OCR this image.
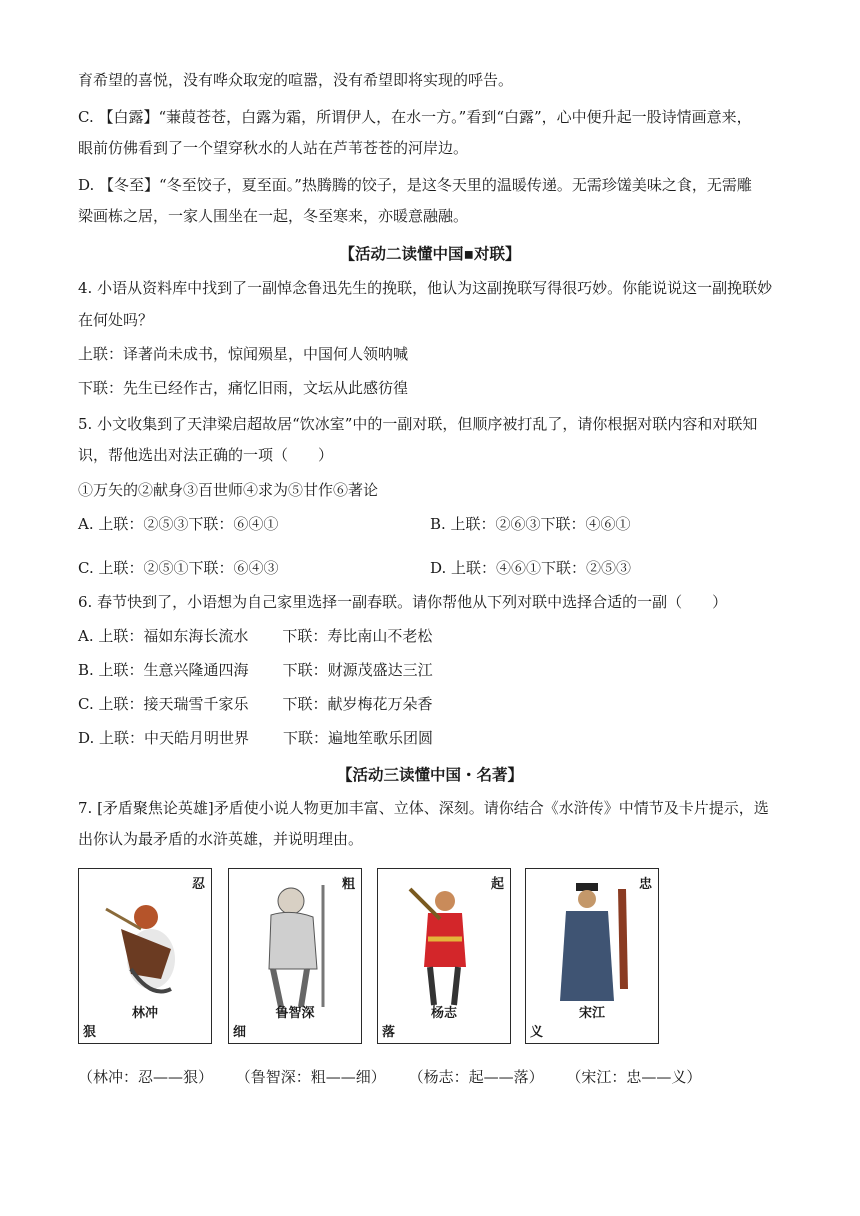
育希望的喜悦，没有哗众取宠的喧嚣，没有希望即将实现的呼告。
C. 【白露】“蒹葭苍苍，白露为霜，所谓伊人，在水一方。”看到“白露”，心中便升起一股诗情画意来，
眼前仿佛看到了一个望穿秋水的人站在芦苇苍苍的河岸边。
D. 【冬至】“冬至饺子，夏至面。”热腾腾的饺子，是这冬天里的温暖传递。无需珍馐美味之食，无需雕
梁画栋之居，一家人围坐在一起，冬至寒来，亦暖意融融。
【活动二读懂中国▪对联】
4. 小语从资料库中找到了一副悼念鲁迅先生的挽联，他认为这副挽联写得很巧妙。你能说说这一副挽联妙
在何处吗？
上联：译著尚未成书，惊闻殒星，中国何人领呐喊
下联：先生已经作古，痛忆旧雨，文坛从此感彷徨
5. 小文收集到了天津梁启超故居“饮冰室”中的一副对联，但顺序被打乱了，请你根据对联内容和对联知
识，帮他选出对法正确的一项（　　）
①万矢的②献身③百世师④求为⑤甘作⑥著论
A. 上联：②⑤③下联：⑥④①	B. 上联：②⑥③下联：④⑥①
C. 上联：②⑤①下联：⑥④③	D. 上联：④⑥①下联：②⑤③
6. 春节快到了，小语想为自己家里选择一副春联。请你帮他从下列对联中选择合适的一副（　　）
A. 上联：福如东海长流水 下联：寿比南山不老松
B. 上联：生意兴隆通四海 下联：财源茂盛达三江
C. 上联：接天瑞雪千家乐 下联：献岁梅花万朵香
D. 上联：中天皓月明世界 下联：遍地笙歌乐团圆
【活动三读懂中国・名著】
7. [矛盾聚焦论英雄]矛盾使小说人物更加丰富、立体、深刻。请你结合《水浒传》中情节及卡片提示，选
出你认为最矛盾的水浒英雄，并说明理由。
忍
林冲
狠
粗
鲁智深
细
起
杨志
落
忠
宋江
义
（林冲：忍——狠） （鲁智深：粗——细） （杨志：起——落） （宋江：忠——义）
